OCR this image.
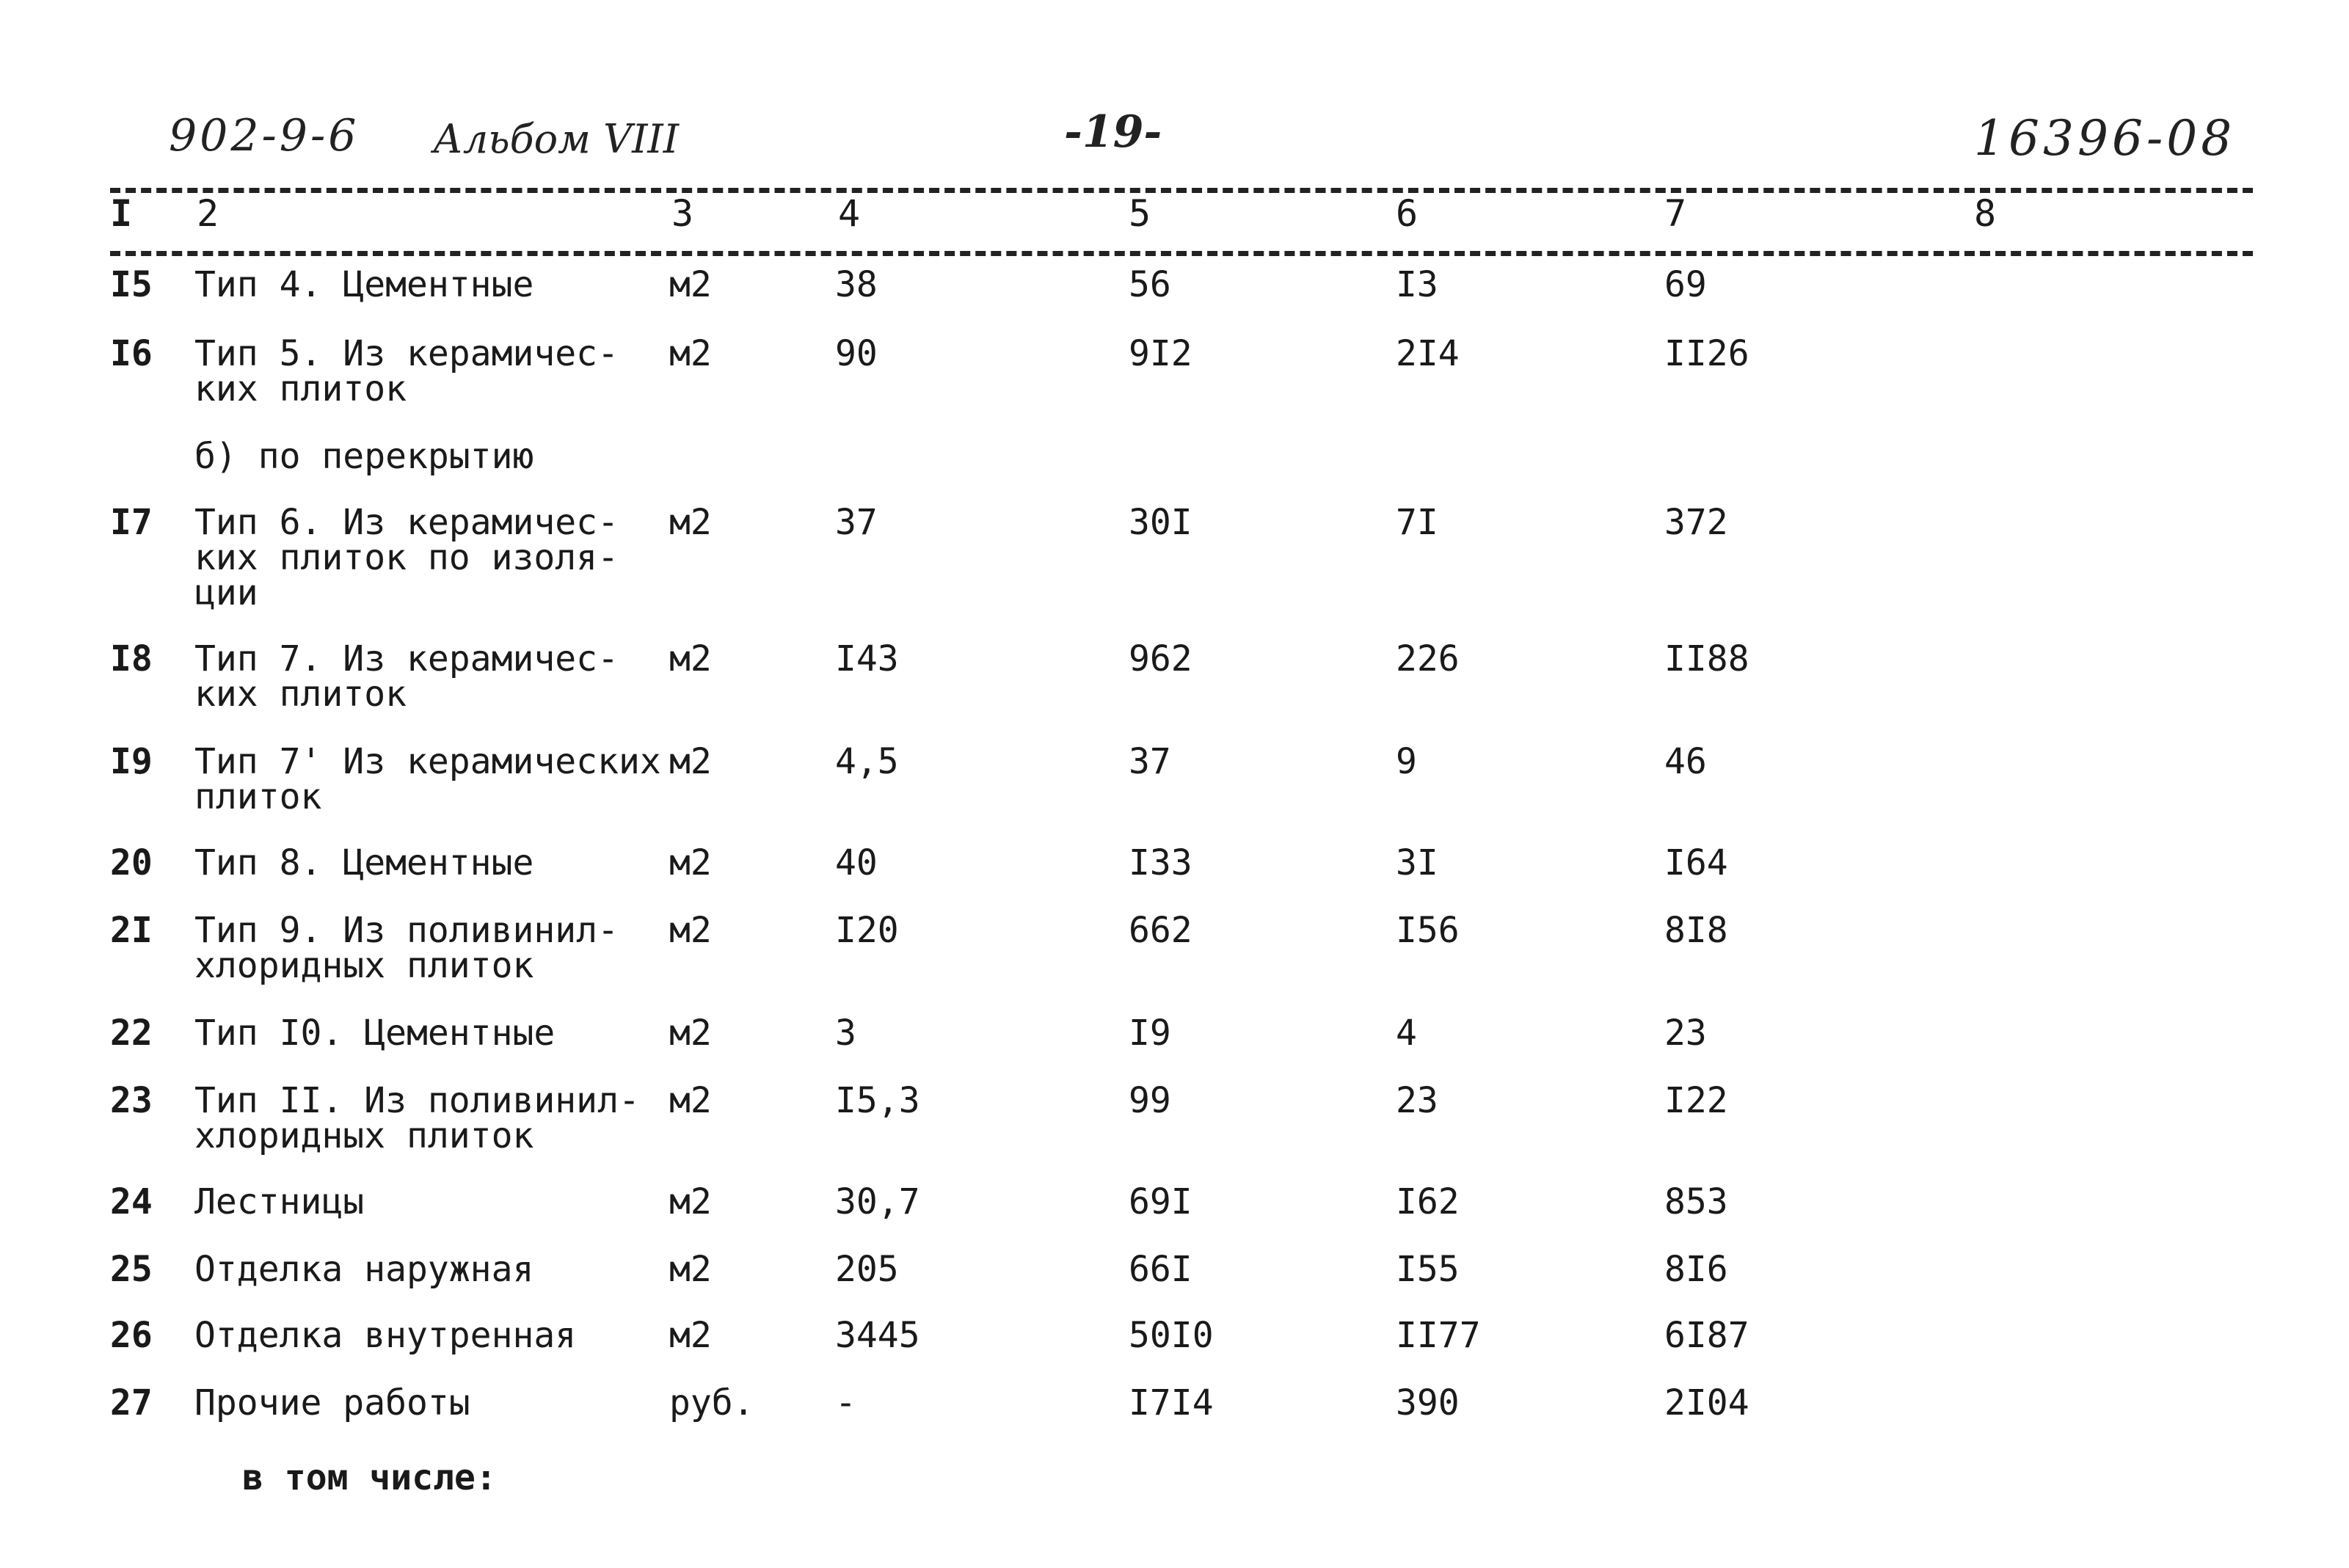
902-9-6 Альбом VIII	-19-	16396-08
I 2	3	4	5	6	7	8
I5 Тип 4. Цементные	м2	38	56	I3	69
I6 Тип 5. Из керамичес-
ких плиток
м2	90	9I2	2I4	II26
б) по перекрытию
I7 Тип 6. Из керамичес-
ких плиток по изоля-
ции
м2	37	30I	7I	372
I8 Тип 7. Из керамичес-
ких плиток
м2	I43	962	226	II88
I9 Тип 7' Из керамических
плиток
м2	4,5	37	9	46
20 Тип 8. Цементные	м2	40	I33	3I	I64
2I Тип 9. Из поливинил-
хлоридных плиток
м2	I20	662	I56	8I8
22 Тип I0. Цементные	м2	3	I9	4	23
23 Тип II. Из поливинил-
хлоридных плиток
м2	I5,3	99	23	I22
24 Лестницы	м2	30,7	69I	I62	853
25 Отделка наружная	м2	205	66I	I55	8I6
26 Отделка внутренная	м2	3445	50I0	II77	6I87
27 Прочие работы	руб. -	I7I4	390	2I04
в том числе:
